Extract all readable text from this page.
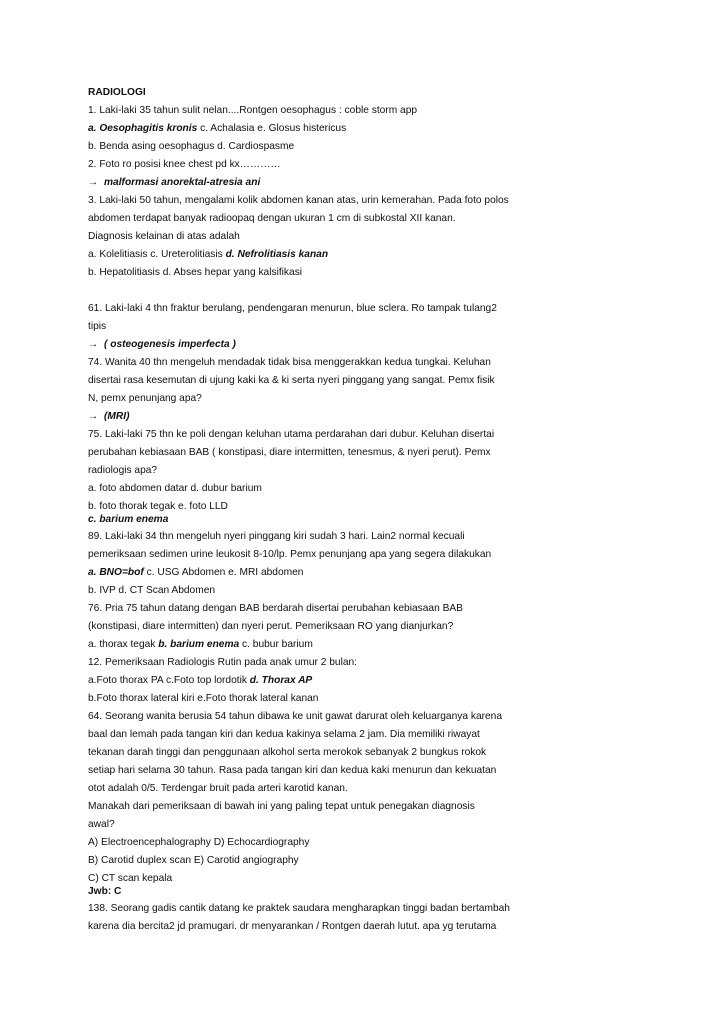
RADIOLOGI
1. Laki-laki 35 tahun sulit nelan....Rontgen oesophagus : coble storm app
a. Oesophagitis kronis c. Achalasia e. Glosus histericus
b. Benda asing oesophagus d. Cardiospasme
2. Foto ro posisi knee chest pd kx…………
→ malformasi anorektal-atresia ani
3. Laki-laki 50 tahun, mengalami kolik abdomen kanan atas, urin kemerahan. Pada foto polos
abdomen terdapat banyak radioopaq dengan ukuran 1 cm di subkostal XII kanan.
Diagnosis kelainan di atas adalah
a. Kolelitiasis c. Ureterolitiasis d. Nefrolitiasis kanan
b. Hepatolitiasis d. Abses hepar yang kalsifikasi
61. Laki-laki 4 thn fraktur berulang, pendengaran menurun, blue sclera. Ro tampak tulang2
tipis
→ ( osteogenesis imperfecta )
74. Wanita 40 thn mengeluh mendadak tidak bisa menggerakkan kedua tungkai. Keluhan
disertai rasa kesemutan di ujung kaki ka & ki serta nyeri pinggang yang sangat. Pemx fisik
N, pemx penunjang apa?
→ (MRI)
75. Laki-laki 75 thn ke poli dengan keluhan utama perdarahan dari dubur. Keluhan disertai
perubahan kebiasaan BAB ( konstipasi, diare intermitten, tenesmus, & nyeri perut). Pemx
radiologis apa?
a. foto abdomen datar d. dubur barium
b. foto thorak tegak e. foto LLD
c. barium enema
89. Laki-laki 34 thn mengeluh nyeri pinggang kiri sudah 3 hari. Lain2 normal kecuali
pemeriksaan sedimen urine leukosit 8-10/lp. Pemx penunjang apa yang segera dilakukan
a. BNO=bof c. USG Abdomen e. MRI abdomen
b. IVP d. CT Scan Abdomen
76. Pria 75 tahun datang dengan BAB berdarah disertai perubahan kebiasaan BAB
(konstipasi, diare intermitten) dan nyeri perut. Pemeriksaan RO yang dianjurkan?
a. thorax tegak b. barium enema c. bubur barium
12. Pemeriksaan Radiologis Rutin pada anak umur 2 bulan:
a.Foto thorax PA c.Foto top lordotik d. Thorax AP
b.Foto thorax lateral kiri e.Foto thorak lateral kanan
64. Seorang wanita berusia 54 tahun dibawa ke unit gawat darurat oleh keluarganya karena
baal dan lemah pada tangan kiri dan kedua kakinya selama 2 jam. Dia memiliki riwayat
tekanan darah tinggi dan penggunaan alkohol serta merokok sebanyak 2 bungkus rokok
setiap hari selama 30 tahun. Rasa pada tangan kiri dan kedua kaki menurun dan kekuatan
otot adalah 0/5. Terdengar bruit pada arteri karotid kanan.
Manakah dari pemeriksaan di bawah ini yang paling tepat untuk penegakan diagnosis
awal?
A) Electroencephalography D) Echocardiography
B) Carotid duplex scan E) Carotid angiography
C) CT scan kepala
Jwb: C
138. Seorang gadis cantik datang ke praktek saudara mengharapkan tinggi badan bertambah
karena dia bercita2 jd pramugari. dr menyarankan / Rontgen daerah lutut. apa yg terutama
